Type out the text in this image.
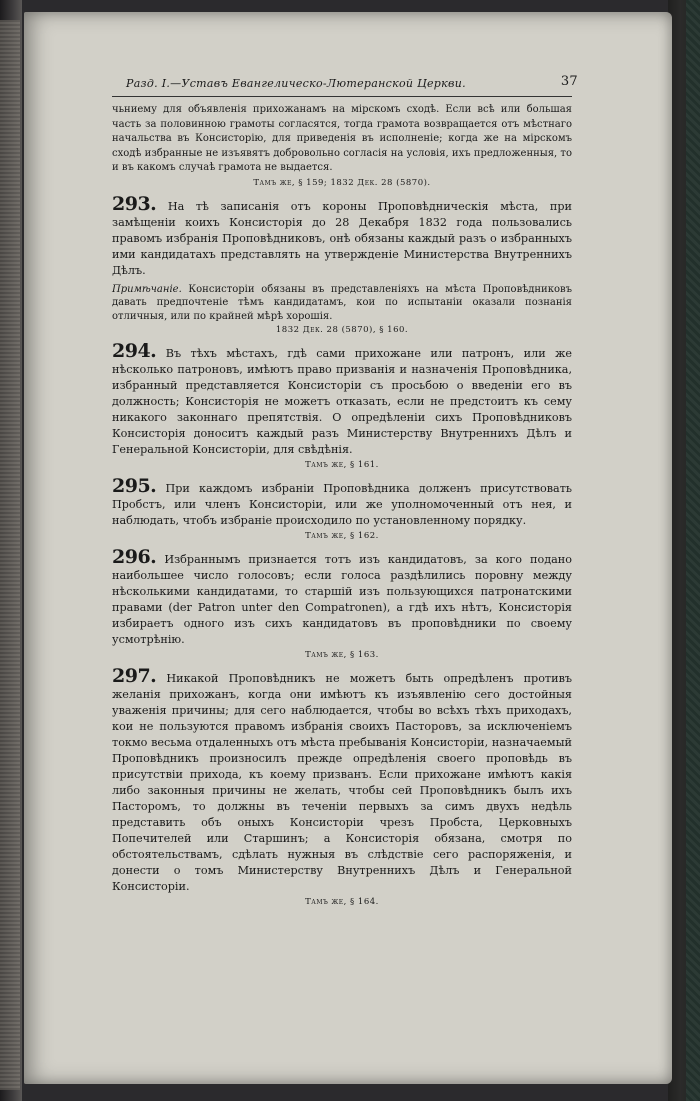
Разд. I.—Уставъ Евангелическо-Лютеранской Церкви.	37

чьниему для объявленія прихожанамъ на мірскомъ сходѣ. Если всѣ или большая часть за половинною грамоты согласятся, тогда грамота возвращается отъ мѣстнаго начальства въ Консисторію, для приведенія въ исполненіе; когда же на мірскомъ сходѣ избранные не изъявятъ добровольно согласія на условія, ихъ предложенныя, то и въ какомъ случаѣ грамота не выдается.

Тамъ же, § 159; 1832 Дек. 28 (5870).

293. На тѣ записанія отъ короны Проповѣдническія мѣста, при замѣщеніи коихъ Консисторія до 28 Декабря 1832 года пользовались правомъ избранія Проповѣдниковъ, онѣ обязаны каждый разъ о избранныхъ ими кандидатахъ представлять на утвержденіе Министерства Внутреннихъ Дѣлъ.

Примѣчаніе. Консисторіи обязаны въ представленіяхъ на мѣста Проповѣдниковъ давать предпочтеніе тѣмъ кандидатамъ, кои по испытаніи оказали познанія отличныя, или по крайней мѣрѣ хорошія.

1832 Дек. 28 (5870), § 160.

294. Въ тѣхъ мѣстахъ, гдѣ сами прихожане или патронъ, или же нѣсколько патроновъ, имѣютъ право призванія и назначенія Проповѣдника, избранный представляется Консисторіи съ просьбою о введеніи его въ должность; Консисторія не можетъ отказать, если не предстоитъ къ сему никакого законнаго препятствія. О опредѣленіи сихъ Проповѣдниковъ Консисторія доноситъ каждый разъ Министерству Внутреннихъ Дѣлъ и Генеральной Консисторіи, для свѣдѣнія.

Тамъ же, § 161.

295. При каждомъ избраніи Проповѣдника долженъ присутствовать Пробстъ, или членъ Консисторіи, или же уполномоченный отъ нея, и наблюдать, чтобъ избраніе происходило по установленному порядку.

Тамъ же, § 162.

296. Избраннымъ признается тотъ изъ кандидатовъ, за кого подано наибольшее число голосовъ; если голоса раздѣлились поровну между нѣсколькими кандидатами, то старшій изъ пользующихся патронатскими правами (der Patron unter den Compatronen), а гдѣ ихъ нѣтъ, Консисторія избираетъ одного изъ сихъ кандидатовъ въ проповѣдники по своему усмотрѣнію.

Тамъ же, § 163.

297. Никакой Проповѣдникъ не можетъ быть опредѣленъ противъ желанія прихожанъ, когда они имѣютъ къ изъявленію сего достойныя уваженія причины; для сего наблюдается, чтобы во всѣхъ тѣхъ приходахъ, кои не пользуются правомъ избранія своихъ Пасторовъ, за исключеніемъ токмо весьма отдаленныхъ отъ мѣста пребыванія Консисторіи, назначаемый Проповѣдникъ произносилъ прежде опредѣленія своего проповѣдь въ присутствіи прихода, къ коему призванъ. Если прихожане имѣютъ какія либо законныя причины не желать, чтобы сей Проповѣдникъ былъ ихъ Пасторомъ, то должны въ теченіи первыхъ за симъ двухъ недѣль представить объ оныхъ Консисторіи чрезъ Пробста, Церковныхъ Попечителей или Старшинъ; а Консисторія обязана, смотря по обстоятельствамъ, сдѣлать нужныя въ слѣдствіе сего распоряженія, и донести о томъ Министерству Внутреннихъ Дѣлъ и Генеральной Консисторіи.

Тамъ же, § 164.
